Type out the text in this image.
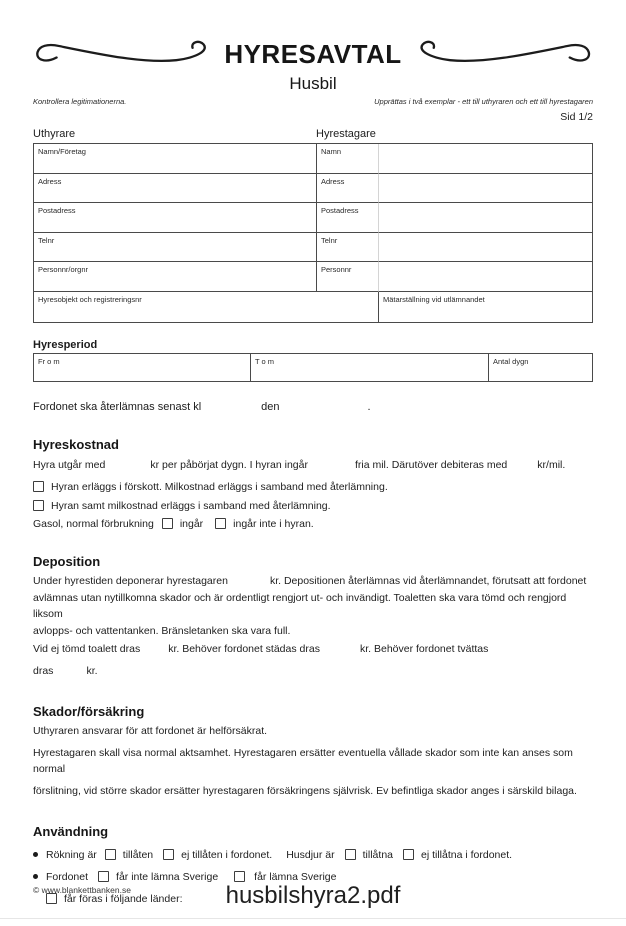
HYRESAVTAL
Husbil
Kontrollera legitimationerna.	Upprättas i två exemplar - ett till uthyraren och ett till hyrestagaren
Sid 1/2
Uthyrare	Hyrestagare
Namn/Företag	Namn
Adress	Adress
Postadress	Postadress
Telnr	Telnr
Personnr/orgnr	Personnr
Hyresobjekt och registreringsnr	Mätarställning vid utlämnandet
Hyresperiod
Fr o m	T o m	Antal dygn
Fordonet ska återlämnas senast kl	den	.
Hyreskostnad
Hyra utgår med	kr per påbörjat dygn. I hyran ingår	fria mil. Därutöver debiteras med	kr/mil.
Hyran erläggs i förskott. Milkostnad erläggs i samband med återlämning.
Hyran samt milkostnad erläggs i samband med återlämning.
Gasol, normal förbrukning ingår	ingår inte i hyran.
Deposition
Under hyrestiden deponerar hyrestagaren	kr. Depositionen återlämnas vid återlämnandet, förutsatt att fordonet
avlämnas utan nytillkomna skador och är ordentligt rengjort ut- och invändigt. Toaletten ska vara tömd och rengjord liksom
avlopps- och vattentanken. Bränsletanken ska vara full.
Vid ej tömd toalett dras	kr. Behöver fordonet städas dras	kr. Behöver fordonet tvättas
dras	kr.
Skador/försäkring
Uthyraren ansvarar för att fordonet är helförsäkrat.
Hyrestagaren skall visa normal aktsamhet. Hyrestagaren ersätter eventuella vållade skador som inte kan anses som normal
förslitning, vid större skador ersätter hyrestagaren försäkringens självrisk. Ev befintliga skador anges i särskild bilaga.
Användning
Rökning är tillåten	ej tillåten i fordonet. Husdjur är	tillåtna	ej tillåtna i fordonet.
Fordonet	får inte lämna Sverige	får lämna Sverige
får föras i följande länder:
© www.blankettbanken.se	husbilshyra2.pdf
